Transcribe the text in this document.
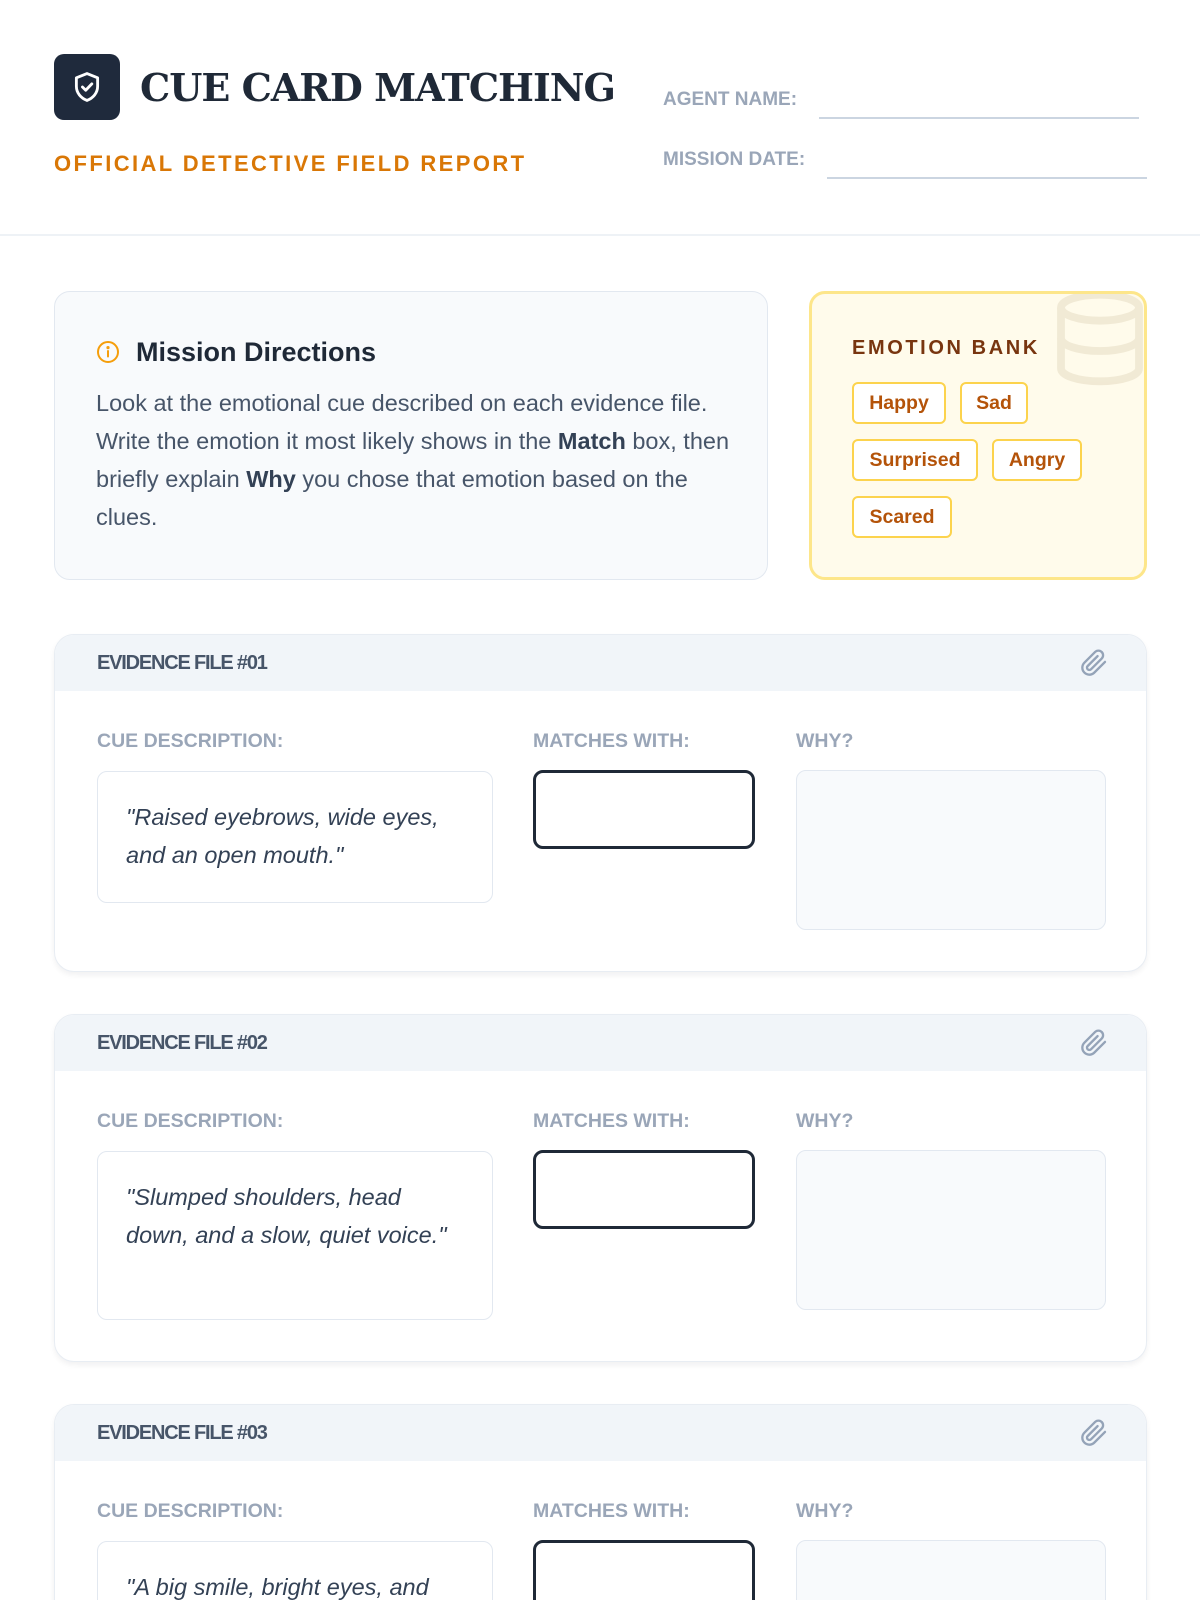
CUE CARD MATCHING

OFFICIAL DETECTIVE FIELD REPORT

AGENT NAME:
MISSION DATE:
Mission Directions

Look at the emotional cue described on each evidence file. Write the emotion it most likely shows in the Match box, then briefly explain Why you chose that emotion based on the clues.

EMOTION BANK
Happy	Sad
Surprised	Angry
Scared
EVIDENCE FILE #01
CUE DESCRIPTION:	MATCHES WITH:	WHY?

"Raised eyebrows, wide eyes, and an open mouth."

EVIDENCE FILE #02
CUE DESCRIPTION:	MATCHES WITH:	WHY?

"Slumped shoulders, head down, and a slow, quiet voice."

EVIDENCE FILE #03
CUE DESCRIPTION:	MATCHES WITH:	WHY?

"A big smile, bright eyes, and
